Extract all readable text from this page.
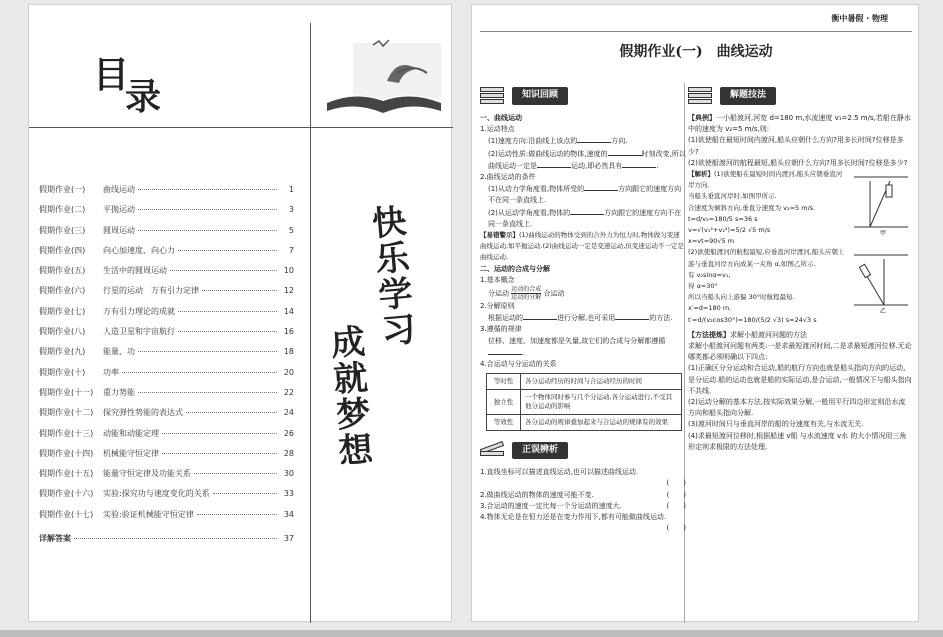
目录
假期作业(一)	曲线运动	1
假期作业(二)	平抛运动	3
假期作业(三)	圆周运动	5
假期作业(四)	向心加速度、向心力	7
假期作业(五)	生活中的圆周运动	10
假期作业(六)	行星的运动　万有引力定律	12
假期作业(七)	万有引力理论的成就	14
假期作业(八)	人造卫星和宇宙航行	16
假期作业(九)	能量、功	18
假期作业(十)	功率	20
假期作业(十一)	重力势能	22
假期作业(十二)	探究弹性势能的表达式	24
假期作业(十三)	动能和动能定理	26
假期作业(十四)	机械能守恒定律	28
假期作业(十五)	能量守恒定律及功能关系	30
假期作业(十六)	实验:探究功与速度变化的关系	33
假期作业(十七)	实验:验证机械能守恒定律	34
详解答案	37
快
乐
学
习
成
就
梦
想
衡中暑假 · 物理
假期作业(一)　曲线运动
知识回顾
一、曲线运动
1.运动特点
(1)速度方向:沿曲线上该点的	方向.
(2)运动性质:做曲线运动的物体,速度的	时刻改变,所以曲线运动一定是	运动,即必然具有	.
2.曲线运动的条件
(1)从动力学角度看,物体所受的	方向跟它的速度方向不在同一条直线上.
(2)从运动学角度看,物体的	方向跟它的速度方向不在同一条直线上.
【易错警示】(1)曲线运动的物体受到的合外力为恒力时,物体做匀变速曲线运动,如平抛运动.(2)曲线运动一定是变速运动,但变速运动不一定是曲线运动.
二、运动的合成与分解
1.基本概念
分运动 $\frac{\text{运动的合成}}{\text{运动的分解}}$ 合运动
2.分解原则
根据运动的	进行分解,也可采用	的方法.
3.遵循的规律
位移、速度、加速度都是矢量,故它们的合成与分解都遵循.
4.合运动与分运动的关系
等时性	各分运动经历的时间与合运动经历的时间
独立性	一个物体同时参与几个分运动,各分运动进行,不受其他分运动的影响
等效性	各分运动的规律叠加起来与合运动的规律有的效果
正误辨析
1.直线坐标可以描述直线运动,也可以描述曲线运动.
(　　)
2.做曲线运动的物体的速度可能不变.	(　　)
3.合运动的速度一定比每一个分运动的速度大.	(　　)
4.物体无论是在恒力还是在变力作用下,都有可能做曲线运动.
(　　)
解题技法
【典例】一小船渡河,河宽 d=180 m,水流速度 v₁=2.5 m/s,若船在静水中的速度为 v₂=5 m/s,则:
(1)欲使船在最短时间内渡河,船头应朝什么方向?用多长时间?位移是多少?
(2)欲使船渡河的航程最短,船头应朝什么方向?用多长时间?位移是多少?
甲
【解析】(1)欲使船在最短时间内渡河,船头应朝垂直河岸方向.
当船头垂直河岸时,如图甲所示.
合速度为倾斜方向,垂直分速度为 v₂=5 m/s.
t=d/v₂=180/5 s=36 s
v=√(v₁²+v₂²)=5/2 √5 m/s
x=vt=90√5 m
乙
(2)欲使船渡河的航程最短,应垂直河岸渡河,船头应朝上游与垂直河岸方向成某一夹角 α,如图乙所示.
有 v₂sinα=v₁,
得 α=30°
所以当船头向上游偏 30°时航程最短.
x′=d=180 m.
t′=d/(v₂cos30°)=180/(5/2 √3) s=24√3 s
【方法提炼】求解小船渡河问题的方法
求解小船渡河问题有两类:一是求最短渡河时间,二是求最短渡河位移.无论哪类都必须明确以下四点:
(1)正确区分分运动和合运动,船的航行方向也就是船头指向方向的运动,是分运动.船的运动也就是船的实际运动,是合运动,一般情况下与船头指向不共线.
(2)运动分解的基本方法,按实际效果分解,一般用平行四边形定则沿水流方向和船头指向分解.
(3)渡河时间只与垂直河岸的船的分速度有关,与水流无关.
(4)求最短渡河位移时,根据船速 v船 与水流速度 v水 的大小情况用三角形定则求极限的方法处理.
